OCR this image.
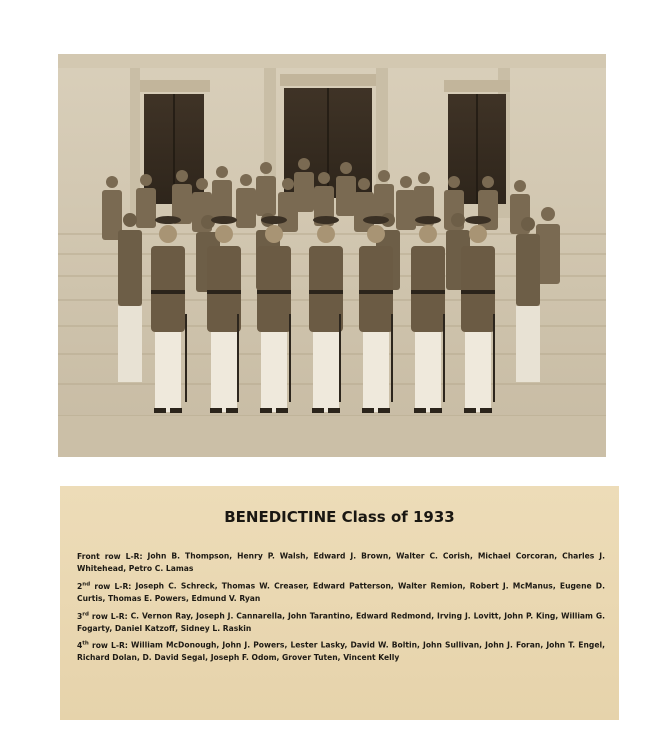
BENEDICTINE Class of 1933
Front row L-R: John B. Thompson, Henry P. Walsh, Edward J. Brown, Walter C. Corish, Michael Corcoran, Charles J. Whitehead, Petro C. Lamas
2nd row L-R: Joseph C. Schreck, Thomas W. Creaser, Edward Patterson, Walter Remion, Robert J. McManus, Eugene D. Curtis, Thomas E. Powers, Edmund V. Ryan
3rd row L-R: C. Vernon Ray, Joseph J. Cannarella, John Tarantino, Edward Redmond, Irving J. Lovitt, John P. King, William G. Fogarty, Daniel Katzoff, Sidney L. Raskin
4th row L-R: William McDonough, John J. Powers, Lester Lasky, David W. Boltin, John Sullivan, John J. Foran, John T. Engel, Richard Dolan, D. David Segal, Joseph F. Odom, Grover Tuten, Vincent Kelly
